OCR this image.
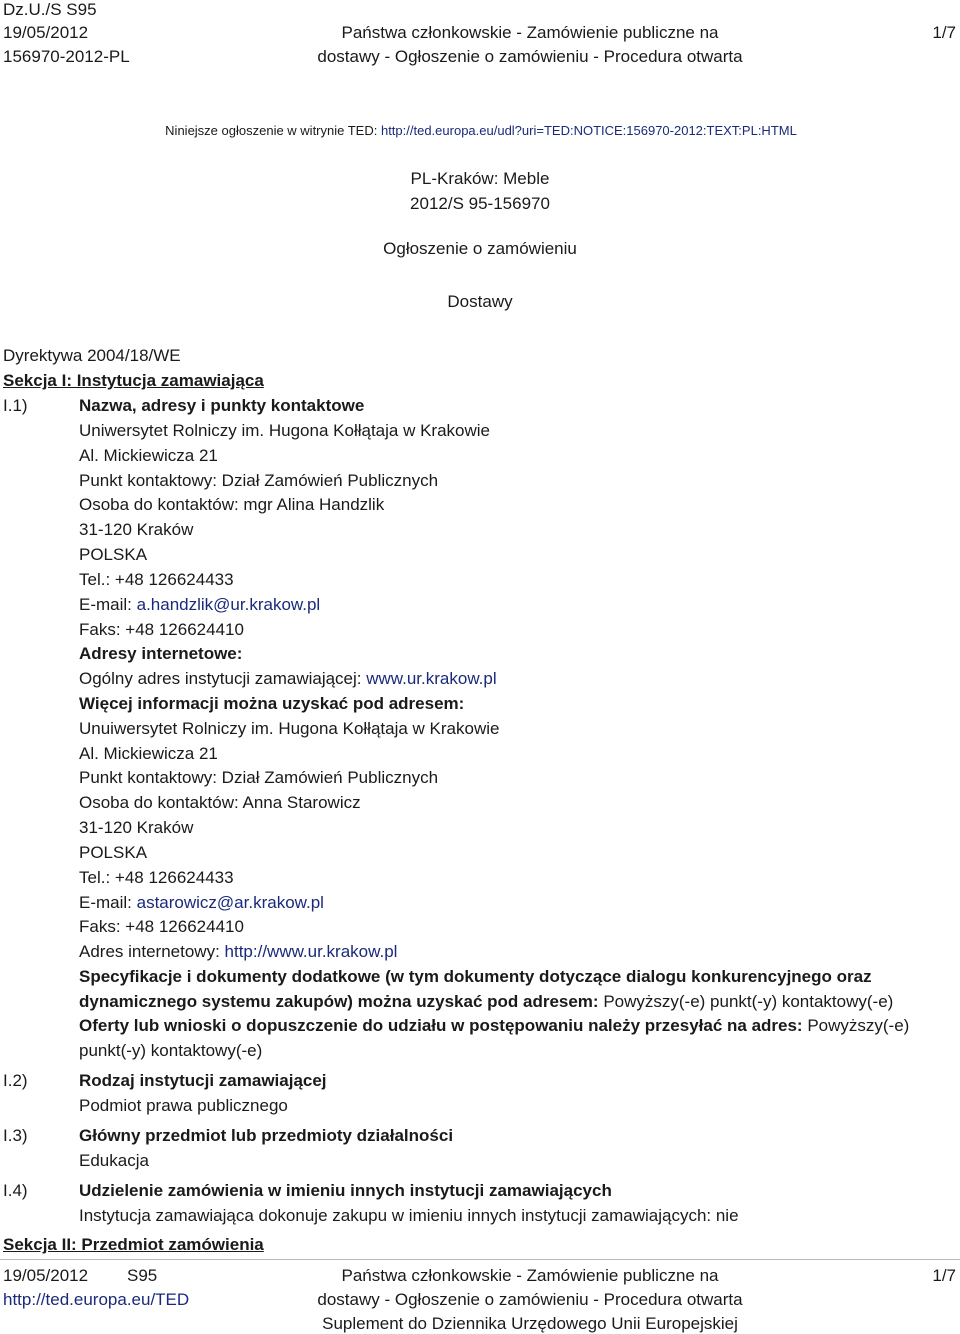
Dz.U./S S95
19/05/2012
156970-2012-PL
Państwa członkowskie - Zamówienie publiczne na
dostawy - Ogłoszenie o zamówieniu - Procedura otwarta
1/7
Niniejsze ogłoszenie w witrynie TED: http://ted.europa.eu/udl?uri=TED:NOTICE:156970-2012:TEXT:PL:HTML
PL-Kraków: Meble
2012/S 95-156970
Ogłoszenie o zamówieniu
Dostawy
Dyrektywa 2004/18/WE
Sekcja I: Instytucja zamawiająca
I.1)	Nazwa, adresy i punkty kontaktowe
Uniwersytet Rolniczy im. Hugona Kołłątaja w Krakowie
Al. Mickiewicza 21
Punkt kontaktowy: Dział Zamówień Publicznych
Osoba do kontaktów: mgr Alina Handzlik
31-120 Kraków
POLSKA
Tel.: +48 126624433
E-mail: a.handzlik@ur.krakow.pl
Faks: +48 126624410
Adresy internetowe:
Ogólny adres instytucji zamawiającej: www.ur.krakow.pl
Więcej informacji można uzyskać pod adresem:
Unuiwersytet Rolniczy im. Hugona Kołłątaja w Krakowie
Al. Mickiewicza 21
Punkt kontaktowy: Dział Zamówień Publicznych
Osoba do kontaktów: Anna Starowicz
31-120 Kraków
POLSKA
Tel.: +48 126624433
E-mail: astarowicz@ar.krakow.pl
Faks: +48 126624410
Adres internetowy: http://www.ur.krakow.pl
Specyfikacje i dokumenty dodatkowe (w tym dokumenty dotyczące dialogu konkurencyjnego oraz
dynamicznego systemu zakupów) można uzyskać pod adresem: Powyższy(-e) punkt(-y) kontaktowy(-e)
Oferty lub wnioski o dopuszczenie do udziału w postępowaniu należy przesyłać na adres: Powyższy(-e)
punkt(-y) kontaktowy(-e)
I.2)	Rodzaj instytucji zamawiającej
Podmiot prawa publicznego
I.3)	Główny przedmiot lub przedmioty działalności
Edukacja
I.4)	Udzielenie zamówienia w imieniu innych instytucji zamawiających
Instytucja zamawiająca dokonuje zakupu w imieniu innych instytucji zamawiających: nie
Sekcja II: Przedmiot zamówienia
19/05/2012 S95
http://ted.europa.eu/TED
Państwa członkowskie - Zamówienie publiczne na
dostawy - Ogłoszenie o zamówieniu - Procedura otwarta
Suplement do Dziennika Urzędowego Unii Europejskiej
1/7
